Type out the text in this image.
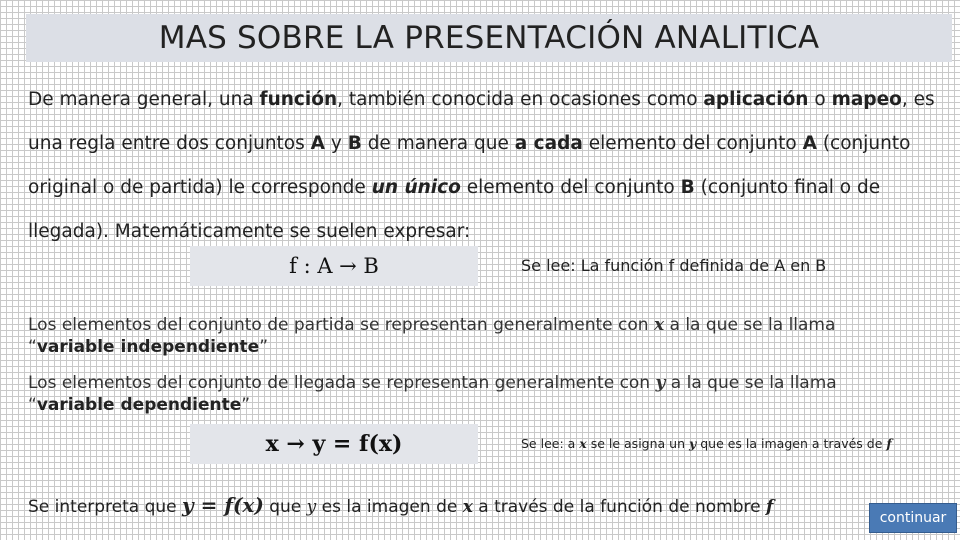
MAS SOBRE LA PRESENTACIÓN ANALITICA

De manera general, una función, también conocida en ocasiones como aplicación o mapeo, es una regla entre dos conjuntos A y B de manera que a cada elemento del conjunto A (conjunto original o de partida) le corresponde un único elemento del conjunto B (conjunto final o de llegada). Matemáticamente se suelen expresar:

f : A → B	Se lee: La función f definida de A en B
Los elementos del conjunto de partida se representan generalmente con x a la que se la llama
“variable independiente”
Los elementos del conjunto de llegada se representan generalmente con y a la que se la llama
“variable dependiente”
x → y = f(x)	Se lee: a x se le asigna un y que es la imagen a través de f
Se interpreta que y = f(x) que y es la imagen de x a través de la función de nombre f
continuar
